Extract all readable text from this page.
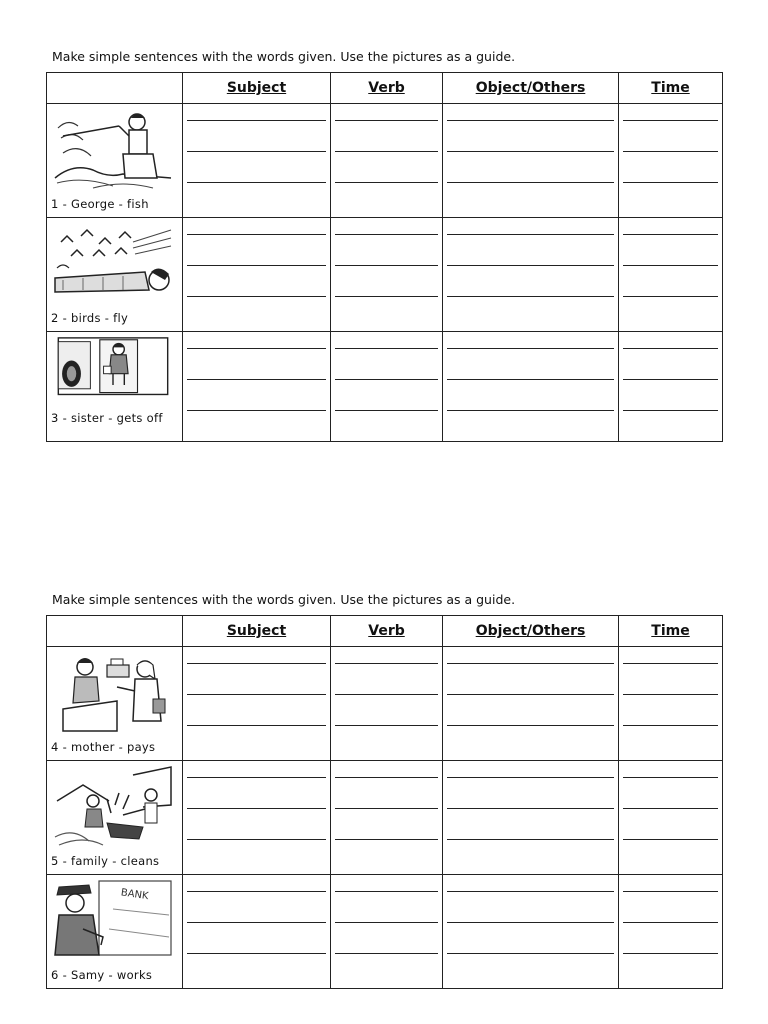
Make simple sentences with the words given. Use the pictures as a guide.
	Subject	Verb	Object/Others	Time

1 - George - fish				

2 - birds - fly				

3 - sister - gets off				

Make simple sentences with the words given. Use the pictures as a guide.
	Subject	Verb	Object/Others	Time

4 - mother - pays				

5 - family - cleans				

BANK
6 - Samy - works				
